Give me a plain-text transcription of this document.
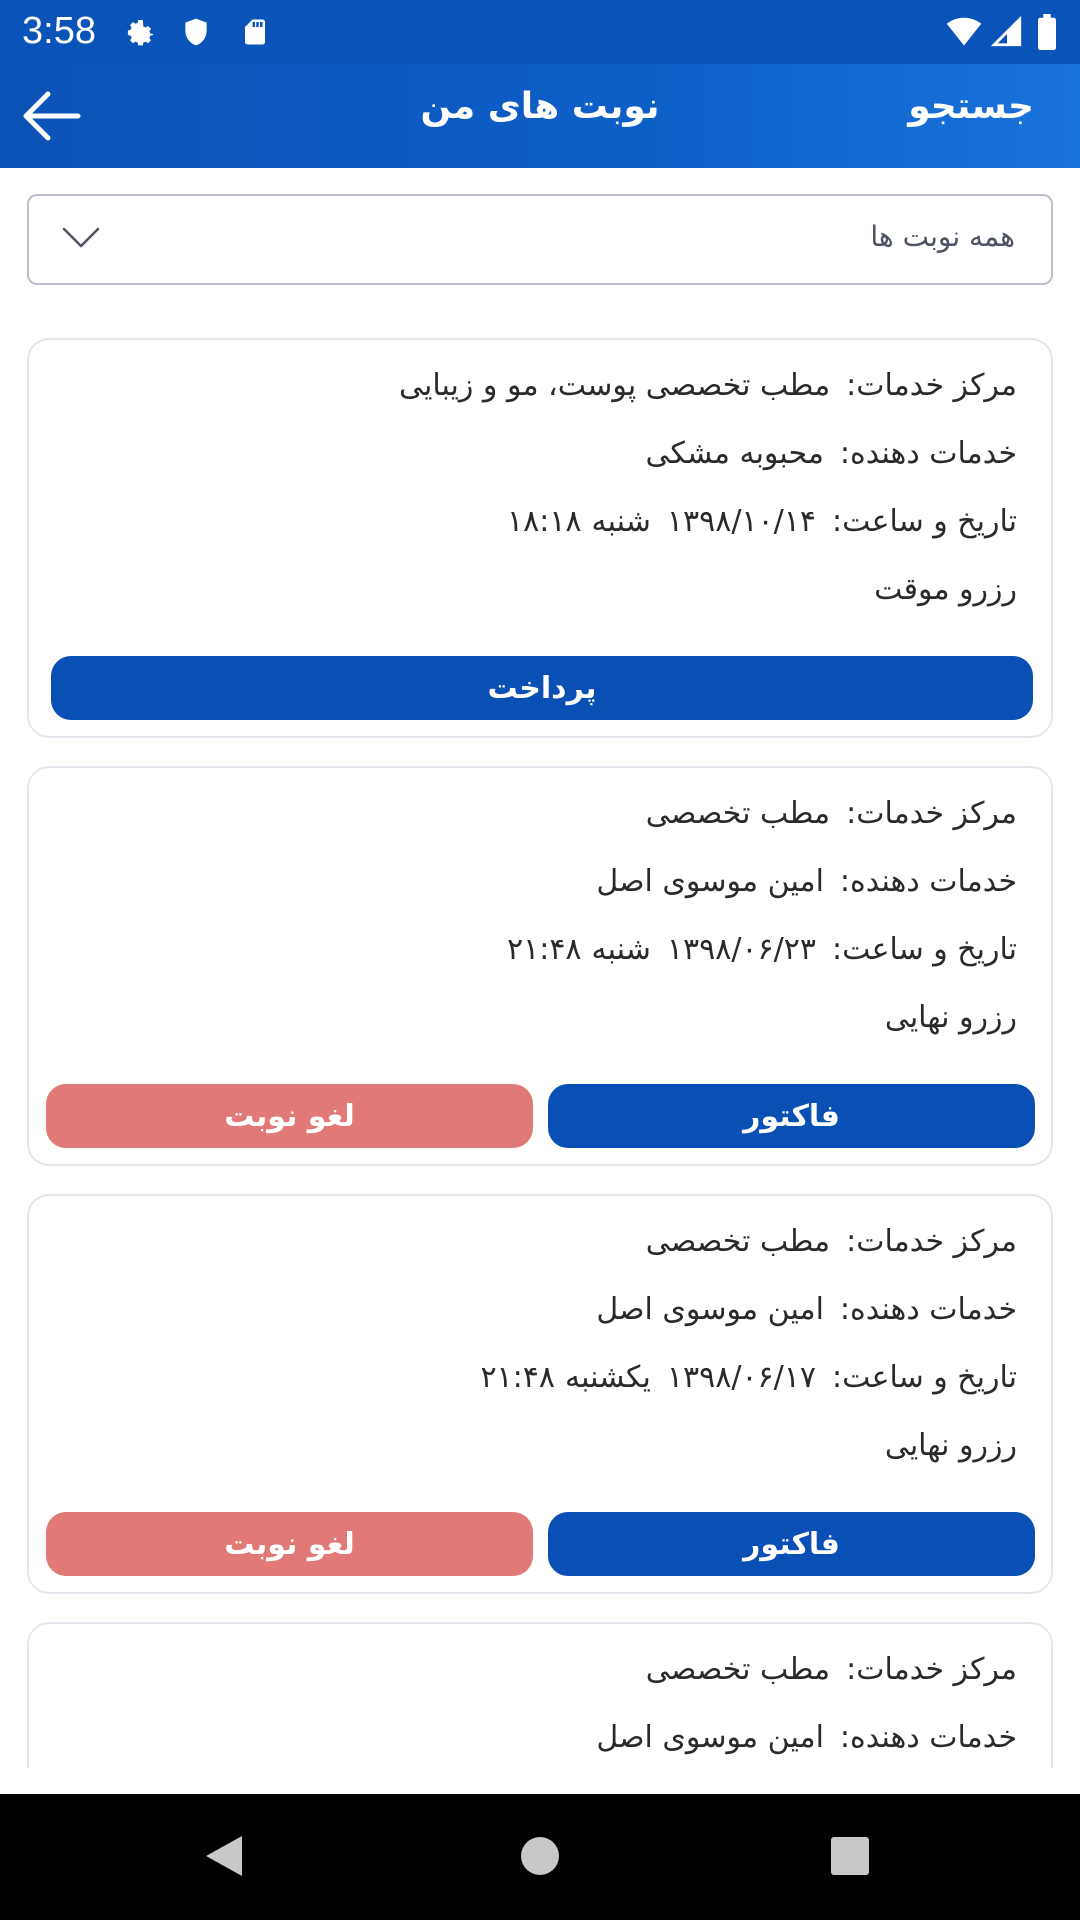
3:58
نوبت های من	جستجو
همه نوبت ها
مرکز خدمات:مطب تخصصی پوست، مو و زیبایی
خدمات دهنده:محبوبه مشکی
تاریخ و ساعت:۱۳۹۸/۱۰/۱۴شنبه۱۸:۱۸
رزرو موقت
پرداخت
مرکز خدمات:مطب تخصصی
خدمات دهنده:امین موسوی اصل
تاریخ و ساعت:۱۳۹۸/۰۶/۲۳شنبه۲۱:۴۸
رزرو نهایی
فاکتور
لغو نوبت
مرکز خدمات:مطب تخصصی
خدمات دهنده:امین موسوی اصل
تاریخ و ساعت:۱۳۹۸/۰۶/۱۷یکشنبه۲۱:۴۸
رزرو نهایی
فاکتور
لغو نوبت
مرکز خدمات:مطب تخصصی
خدمات دهنده:امین موسوی اصل
